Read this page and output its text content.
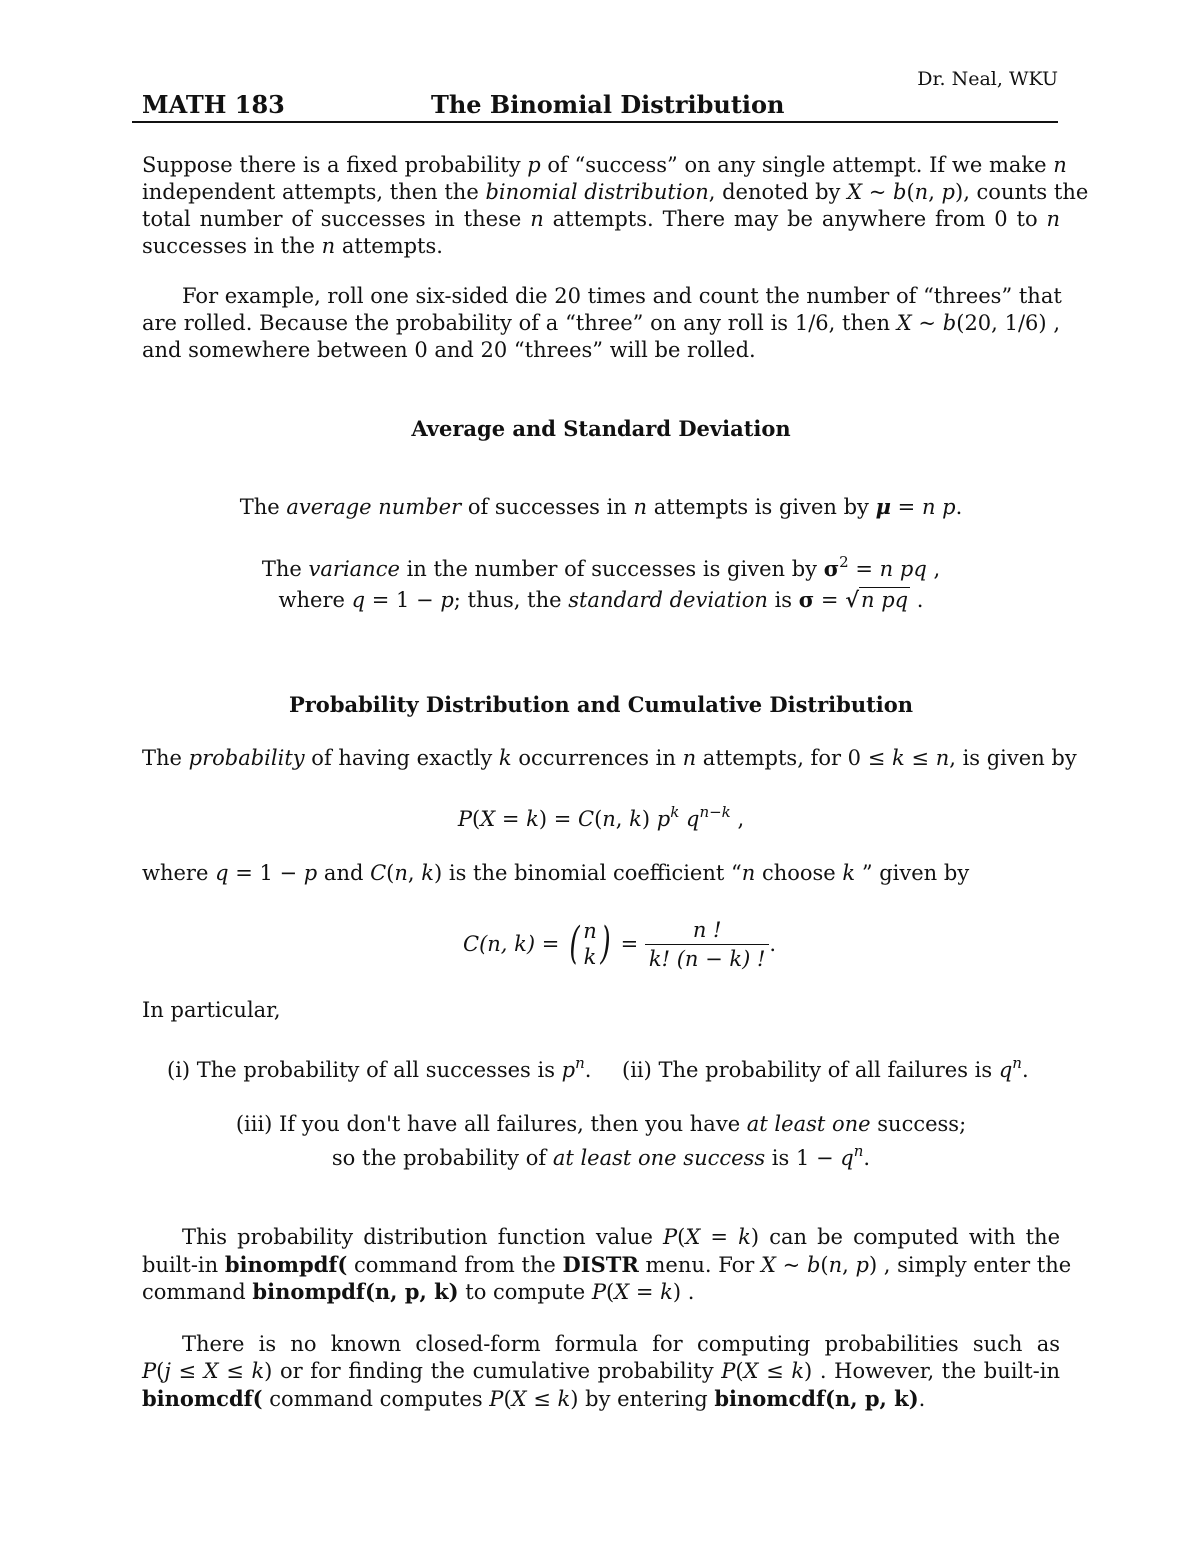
Dr. Neal, WKU
MATH 183	The Binomial Distribution
Suppose there is a fixed probability p of “success” on any single attempt. If we make n
independent attempts, then the binomial distribution, denoted by X ~ b(n, p), counts the
total number of successes in these n attempts. There may be anywhere from 0 to n
successes in the n attempts.
For example, roll one six-sided die 20 times and count the number of “threes” that
are rolled. Because the probability of a “three” on any roll is 1/6, then X ~ b(20, 1/6) ,
and somewhere between 0 and 20 “threes” will be rolled.
Average and Standard Deviation
The average number of successes in n attempts is given by μ = n p.
The variance in the number of successes is given by $\sigma^2 = n$ pq ,
where q = 1 − p; thus, the standard deviation is σ = √n pq .
Probability Distribution and Cumulative Distribution
The probability of having exactly k occurrences in n attempts, for 0 ≤ k ≤ n, is given by
P(X = k) = C(n, k) $p^k$ $q^{n-k}$ ,
where q = 1 − p and C(n, k) is the binomial coefficient “n choose k ” given by
C(n, k) =
( n
k )
=
$\frac{n !}{k! (n - k) !}$ .
In particular,
(i) The probability of all successes is $p^n$. (ii) The probability of all failures is $q^n$.
(iii) If you don't have all failures, then you have at least one success;
so the probability of at least one success is $1 - q^n$.
This probability distribution function value P(X = k) can be computed with the
built-in binompdf( command from the DISTR menu. For X ~ b(n, p) , simply enter the
command binompdf(n, p, k) to compute P(X = k) .
There is no known closed-form formula for computing probabilities such as
P(j ≤ X ≤ k) or for finding the cumulative probability P(X ≤ k) . However, the built-in
binomcdf( command computes P(X ≤ k) by entering binomcdf(n, p, k).
